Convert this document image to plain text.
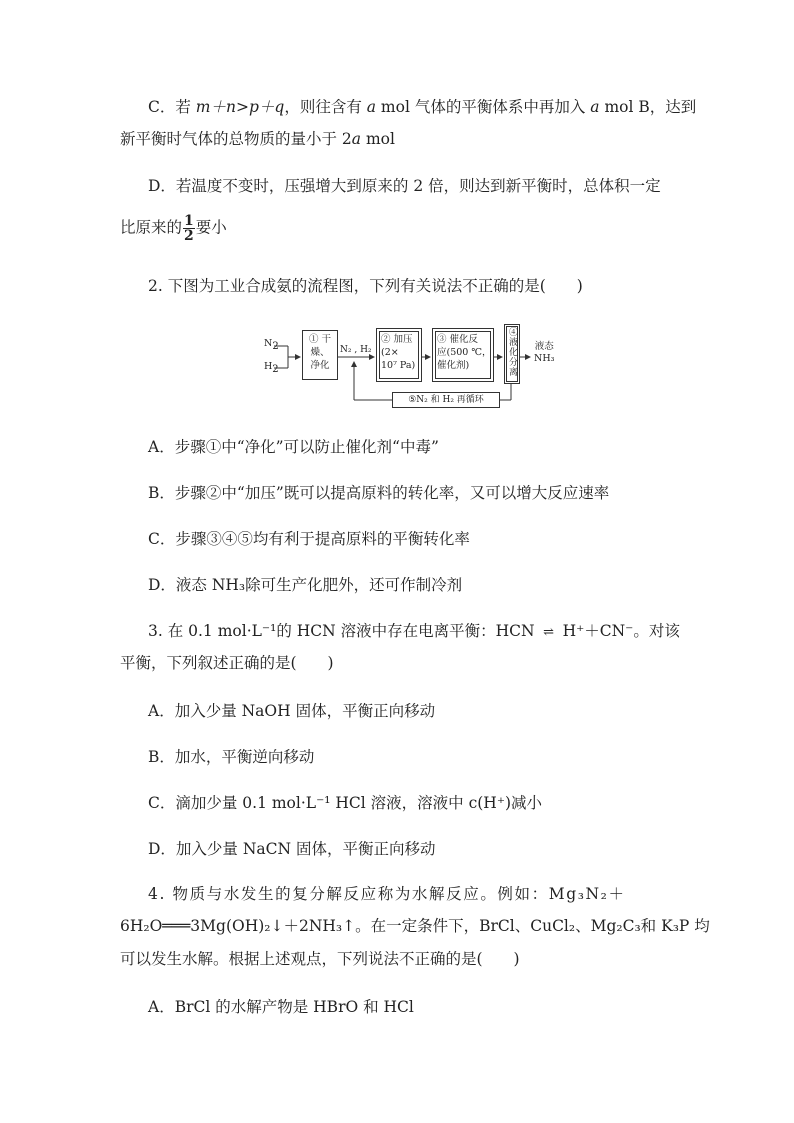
C．若 m＋n>p＋q，则往含有 a mol 气体的平衡体系中再加入 a mol B，达到
新平衡时气体的总物质的量小于 2a mol
D．若温度不变时，压强增大到原来的 2 倍，则达到新平衡时，总体积一定
比原来的 $\frac{1}{2}$ 要小
2. 下图为工业合成氨的流程图，下列有关说法不正确的是(　　)
$N_2$
$H_2$
① 干
燥、
净化
N₂ , H₂
② 加压
(2×
10⁷ Pa)
③ 催化反
应(500 ℃，
催化剂)	④液化分离 液态
NH₃
⑤N₂ 和 H₂ 再循环
A．步骤①中“净化”可以防止催化剂“中毒”
B．步骤②中“加压”既可以提高原料的转化率，又可以增大反应速率
C．步骤③④⑤均有利于提高原料的平衡转化率
D．液态 NH₃除可生产化肥外，还可作制冷剂
3. 在 0.1 mol·L⁻¹的 HCN 溶液中存在电离平衡：HCN ⇌ H⁺＋CN⁻。对该
平衡，下列叙述正确的是(　　)
A．加入少量 NaOH 固体，平衡正向移动
B．加水，平衡逆向移动
C．滴加少量 0.1 mol·L⁻¹ HCl 溶液，溶液中 c(H⁺)减小
D．加入少量 NaCN 固体，平衡正向移动
4. 物质与水发生的复分解反应称为水解反应。例如：Mg₃N₂＋
6H₂O═══3Mg(OH)₂↓＋2NH₃↑。在一定条件下，BrCl、CuCl₂、Mg₂C₃和 K₃P 均
可以发生水解。根据上述观点，下列说法不正确的是(　　)
A．BrCl 的水解产物是 HBrO 和 HCl
